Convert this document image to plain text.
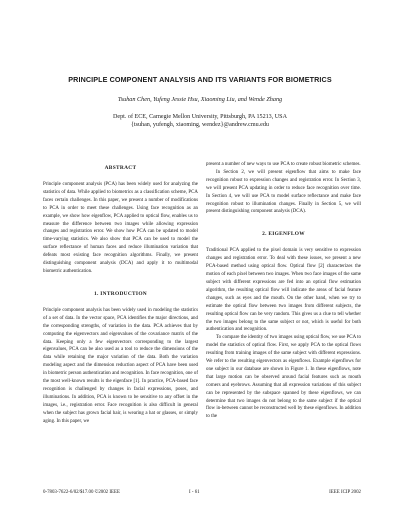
PRINCIPLE COMPONENT ANALYSIS AND ITS VARIANTS FOR BIOMETRICS
Tsuhan Chen, Yufeng Jessie Hsu, Xiaoming Liu, and Wende Zhang
Dept. of ECE, Carnegie Mellon University, Pittsburgh, PA 15213, USA
{tsuhan, yufengh, xiaoming, wendez}@andrew.cmu.edu

ABSTRACT

Principle component analysis (PCA) has been widely used for analyzing the statistics of data. While applied to biometrics as a classification scheme, PCA faces certain challenges. In this paper, we present a number of modifications to PCA in order to meet these challenges. Using face recognition as an example, we show how eigenflow, PCA applied to optical flow, enables us to measure the difference between two images while allowing expression changes and registration error. We show how PCA can be updated to model time-varying statistics. We also show that PCA can be used to model the surface reflectance of human faces and reduce illumination variation that defeats most existing face recognition algorithms. Finally, we present distinguishing component analysis (DCA) and apply it to multimodal biometric authentication.

1. INTRODUCTION

Principle component analysis has been widely used in modeling the statistics of a set of data. In the vector space, PCA identifies the major directions, and the corresponding strengths, of variation in the data. PCA achieves that by computing the eigenvectors and eigenvalues of the covariance matrix of the data. Keeping only a few eigenvectors corresponding to the largest eigenvalues, PCA can be also used as a tool to reduce the dimensions of the data while retaining the major variation of the data. Both the variation modeling aspect and the dimension reduction aspect of PCA have been used in biometric person authentication and recognition. In face recognition, one of the most well-known results is the eigenface [1]. In practice, PCA-based face recognition is challenged by changes in facial expressions, poses, and illuminations. In addition, PCA is known to be sensitive to any offset in the images, i.e., registration error. Face recognition is also difficult in general when the subject has grown facial hair, is wearing a hat or glasses, or simply aging. In this paper, we

present a number of new ways to use PCA to create robust biometric schemes.

In Section 2, we will present eigenflow that aims to make face recognition robust to expression changes and registration error. In Section 3, we will present PCA updating in order to reduce face recognition over time. In Section 4, we will use PCA to model surface reflectance and make face recognition robust to illumination changes. Finally in Section 5, we will present distinguishing component analysis (DCA).

2. EIGENFLOW

Traditional PCA applied to the pixel domain is very sensitive to expression changes and registration error. To deal with these issues, we present a new PCA-based method using optical flow. Optical flow [2] characterizes the motion of each pixel between two images. When two face images of the same subject with different expressions are fed into an optical flow estimation algorithm, the resulting optical flow will indicate the areas of facial feature changes, such as eyes and the mouth. On the other hand, when we try to estimate the optical flow between two images from different subjects, the resulting optical flow can be very random. This gives us a clue to tell whether the two images belong to the same subject or not, which is useful for both authentication and recognition.

To compare the identity of two images using optical flow, we use PCA to model the statistics of optical flow. First, we apply PCA to the optical flows resulting from training images of the same subject with different expressions. We refer to the resulting eigenvectors as eigenflows. Example eigenflows for one subject in our database are shown in Figure 1. In these eigenflows, note that large motion can be observed around facial features such as mouth corners and eyebrows. Assuming that all expression variations of this subject can be represented by the subspace spanned by these eigenflows, we can determine that two images do not belong to the same subject if the optical flow in-between cannot be reconstructed well by these eigenflows. In addition to the

0-7803-7622-6/02/$17.00 ©2002 IEEE	I - 61	IEEE ICIP 2002
